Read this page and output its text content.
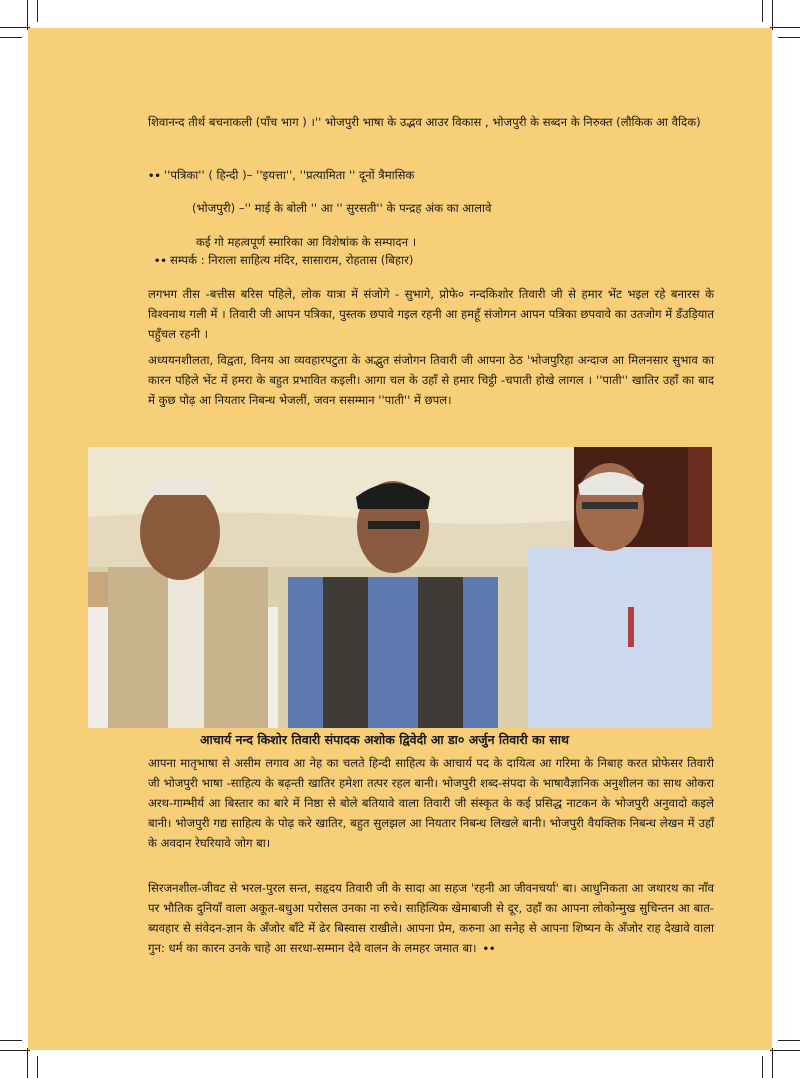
शिवानन्द तीर्थ बचनाकली (पाँच भाग ) ।'' भोजपुरी भाषा के उद्भव आउर विकास , भोजपुरी के सब्दन के निरुक्त (लौकिक आ वैदिक)
•• ''पत्रिका'' ( हिन्दी )– ''इयत्ता'', ''प्रत्यामिता '' दूनों त्रैमासिक
(भोजपुरी) –'' माई के बोली '' आ '' सुरसती'' के पन्द्रह अंक का आलावे
कई गो महत्वपूर्ण स्मारिका आ विशेषांक के सम्पादन ।
•• सम्पर्क : निराला साहित्य मंदिर, सासाराम, रोहतास (बिहार)
लगभग तीस -बत्तीस बरिस पहिले, लोक यात्रा में संजोगे - सुभागे, प्रोफे० नन्दकिशोर तिवारी जी से हमार भेंट भइल रहे बनारस के विश्वनाथ गली में । तिवारी जी आपन पत्रिका, पुस्तक छपावे गइल रहनी आ हमहूँ संजोगन आपन पत्रिका छपवावे का उतजोग में डँउड़ियात पहुँचल रहनी ।
अध्ययनशीलता, विद्वता, विनय आ व्यवहारपटुता के अद्भुत संजोगन तिवारी जी आपना ठेठ 'भोजपुरिहा अन्दाज आ मिलनसार सुभाव का कारन पहिले भेंट में हमरा के बहुत प्रभावित कइली। आगा चल के उहाँ से हमार चिट्ठी -चपाती होखे लागल । ''पाती'' खातिर उहाँ का बाद में कुछ पोढ़ आ नियतार निबन्ध भेजलीं, जवन ससम्मान ''पाती'' में छपल।
आचार्य नन्द किशोर तिवारी संपादक अशोक द्विवेदी आ डा० अर्जुन तिवारी का साथ
आपना मातृभाषा से असीम लगाव आ नेह का चलते हिन्दी साहित्य के आचार्य पद के दायित्व आ गरिमा के निबाह करत प्रोफेसर तिवारी जी भोजपुरी भाषा -साहित्य के बढ़न्ती खातिर हमेशा तत्पर रहल बानी। भोजपुरी शब्द-संपदा के भाषावैज्ञानिक अनुशीलन का साथ ओकरा अरथ-गाम्भीर्य आ बिस्तार का बारे में निष्ठा से बोले बतियावे वाला तिवारी जी संस्कृत के कई प्रसिद्ध नाटकन के भोजपुरी अनुवादो कइले बानी। भोजपुरी गद्य साहित्य के पोढ़ करे खातिर, बहुत सुलझल आ नियतार निबन्ध लिखले बानी। भोजपुरी वैयक्तिक निबन्ध लेखन में उहाँ के अवदान रेघरियावे जोग बा।
सिरजनशील-जीवट से भरल-पुरल सन्त, सहृदय तिवारी जी के सादा आ सहज 'रहनी आ जीवनचर्या' बा। आधुनिकता आ जथारथ का नाँव पर भौतिक दुनियाँ वाला अकूत-बधुआ परोसल उनका ना रुचे। साहित्यिक खेमाबाजी से दूर, उहाँ का आपना लोकोन्मुख सुचिन्तन आ बात-ब्यवहार से संवेदन-ज्ञान के अँजोर बाँटे में ढेर बिस्वास राखीले। आपना प्रेम, करुना आ सनेह से आपना शिष्यन के अँजोर राह देखावे वाला गुन: धर्म का कारन उनके चाहे आ सरधा-सम्मान देवे वालन के लमहर जमात बा। ••
